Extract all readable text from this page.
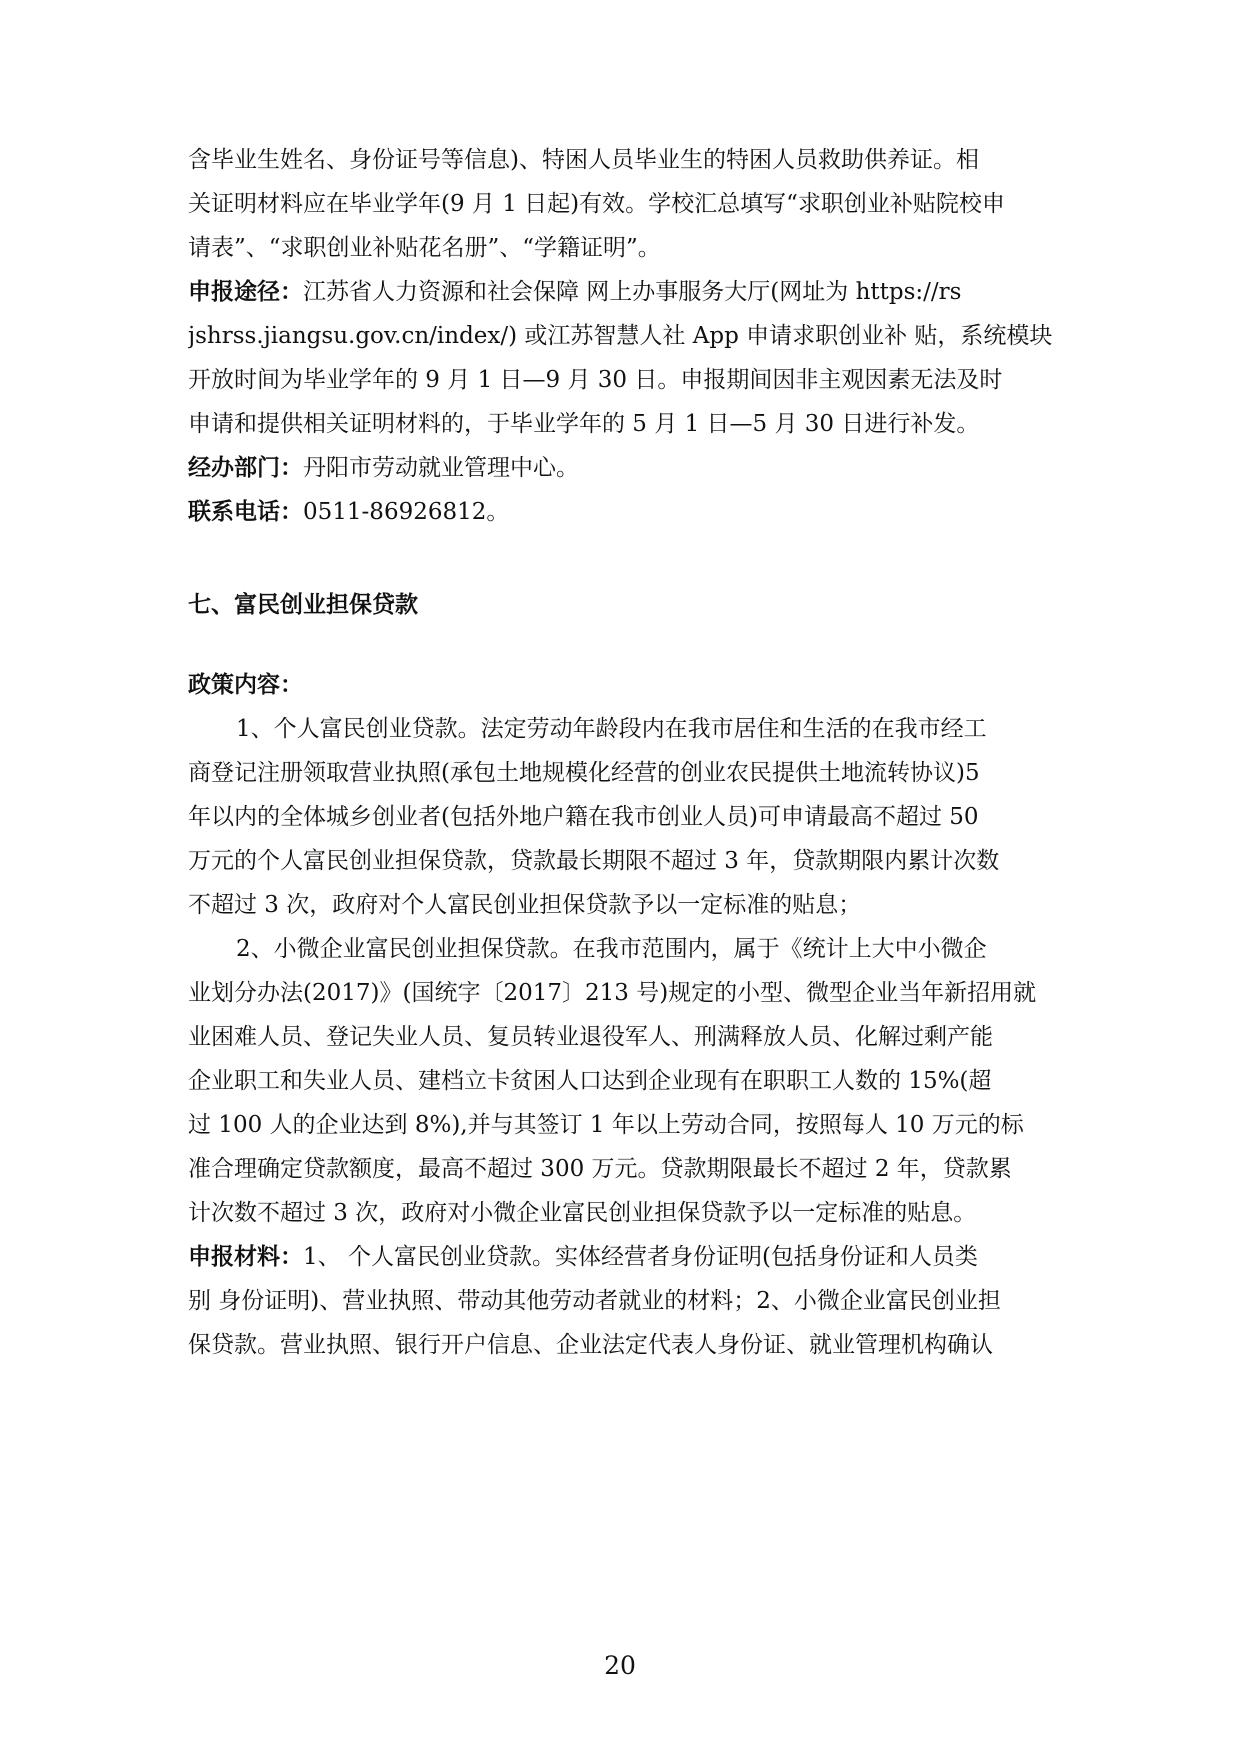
含毕业生姓名、身份证号等信息)、特困人员毕业生的特困人员救助供养证。相
关证明材料应在毕业学年(9 月 1 日起)有效。学校汇总填写“求职创业补贴院校申
请表”、“求职创业补贴花名册”、“学籍证明”。
申报途径：江苏省人力资源和社会保障 网上办事服务大厅(网址为 https://rs
jshrss.jiangsu.gov.cn/index/) 或江苏智慧人社 App 申请求职创业补 贴，系统模块
开放时间为毕业学年的 9 月 1 日—9 月 30 日。申报期间因非主观因素无法及时
申请和提供相关证明材料的，于毕业学年的 5 月 1 日—5 月 30 日进行补发。
经办部门：丹阳市劳动就业管理中心。
联系电话：0511-86926812。
七、富民创业担保贷款
政策内容：
1、个人富民创业贷款。法定劳动年龄段内在我市居住和生活的在我市经工
商登记注册领取营业执照(承包土地规模化经营的创业农民提供土地流转协议)5
年以内的全体城乡创业者(包括外地户籍在我市创业人员)可申请最高不超过 50
万元的个人富民创业担保贷款，贷款最长期限不超过 3 年，贷款期限内累计次数
不超过 3 次，政府对个人富民创业担保贷款予以一定标准的贴息；
2、小微企业富民创业担保贷款。在我市范围内，属于《统计上大中小微企
业划分办法(2017)》(国统字〔2017〕213 号)规定的小型、微型企业当年新招用就
业困难人员、登记失业人员、复员转业退役军人、刑满释放人员、化解过剩产能
企业职工和失业人员、建档立卡贫困人口达到企业现有在职职工人数的 15%(超
过 100 人的企业达到 8%),并与其签订 1 年以上劳动合同，按照每人 10 万元的标
准合理确定贷款额度，最高不超过 300 万元。贷款期限最长不超过 2 年，贷款累
计次数不超过 3 次，政府对小微企业富民创业担保贷款予以一定标准的贴息。
申报材料：1、 个人富民创业贷款。实体经营者身份证明(包括身份证和人员类
别 身份证明)、营业执照、带动其他劳动者就业的材料；2、小微企业富民创业担
保贷款。营业执照、银行开户信息、企业法定代表人身份证、就业管理机构确认
20
